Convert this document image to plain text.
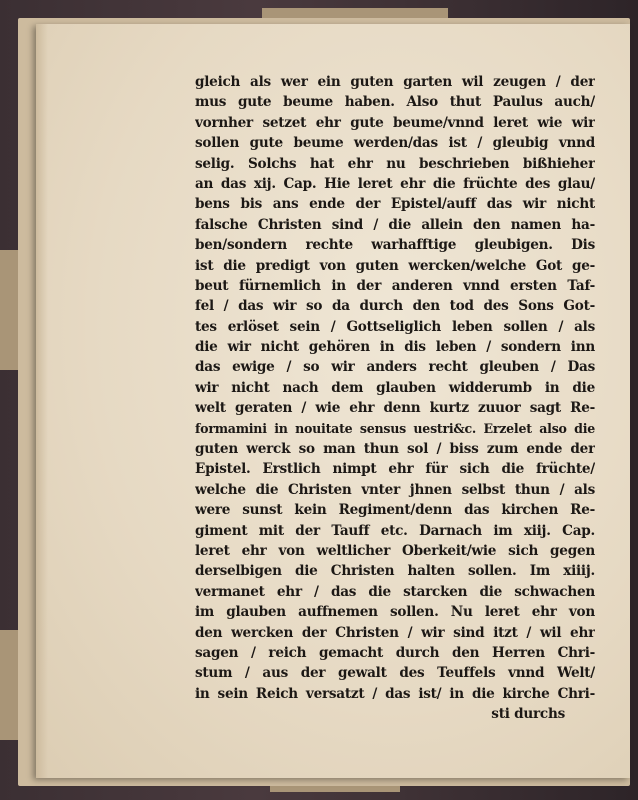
gleich als wer ein guten garten wil zeugen / der
mus gute beume haben. Also thut Paulus auch/
vornher setzet ehr gute beume/vnnd leret wie wir
sollen gute beume werden/das ist / gleubig vnnd
selig. Solchs hat ehr nu beschrieben bißhieher
an das xij. Cap. Hie leret ehr die früchte des glau/
bens bis ans ende der Epistel/auff das wir nicht
falsche Christen sind / die allein den namen ha-
ben/sondern rechte warhafftige gleubigen. Dis
ist die predigt von guten wercken/welche Got ge-
beut fürnemlich in der anderen vnnd ersten Taf-
fel / das wir so da durch den tod des Sons Got-
tes erlöset sein / Gottseliglich leben sollen / als
die wir nicht gehören in dis leben / sondern inn
das ewige / so wir anders recht gleuben / Das
wir nicht nach dem glauben widderumb in die
welt geraten / wie ehr denn kurtz zuuor sagt Re-
formamini in nouitate sensus uestri&c. Erzelet also die
guten werck so man thun sol / biss zum ende der
Epistel. Erstlich nimpt ehr für sich die früchte/
welche die Christen vnter jhnen selbst thun / als
were sunst kein Regiment/denn das kirchen Re-
giment mit der Tauff etc. Darnach im xiij. Cap.
leret ehr von weltlicher Oberkeit/wie sich gegen
derselbigen die Christen halten sollen. Im xiiij.
vermanet ehr / das die starcken die schwachen
im glauben auffnemen sollen. Nu leret ehr von
den wercken der Christen / wir sind itzt / wil ehr
sagen / reich gemacht durch den Herren Chri-
stum / aus der gewalt des Teuffels vnnd Welt/
in sein Reich versatzt / das ist/ in die kirche Chri-
sti durchs
